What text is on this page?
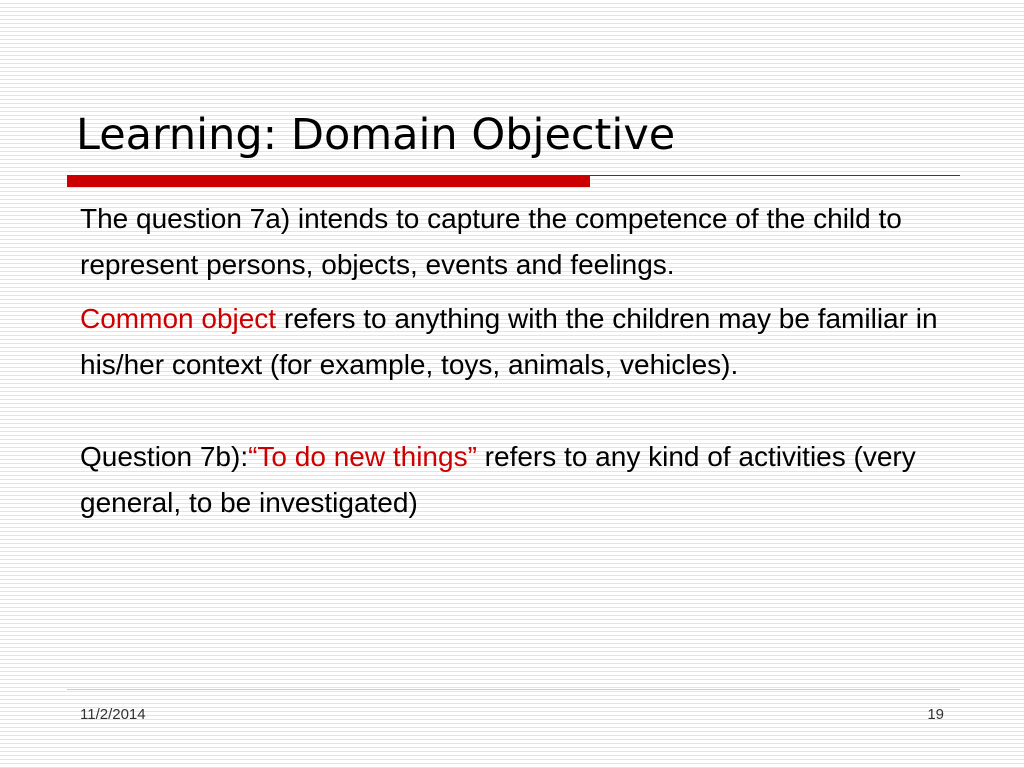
Learning: Domain Objective

The question 7a) intends to capture the competence of the child to represent persons, objects, events and feelings.

Common object refers to anything with the children may be familiar in his/her context (for example, toys, animals, vehicles).

Question 7b):“To do new things” refers to any kind of activities (very general, to be investigated)

11/2/2014	19
